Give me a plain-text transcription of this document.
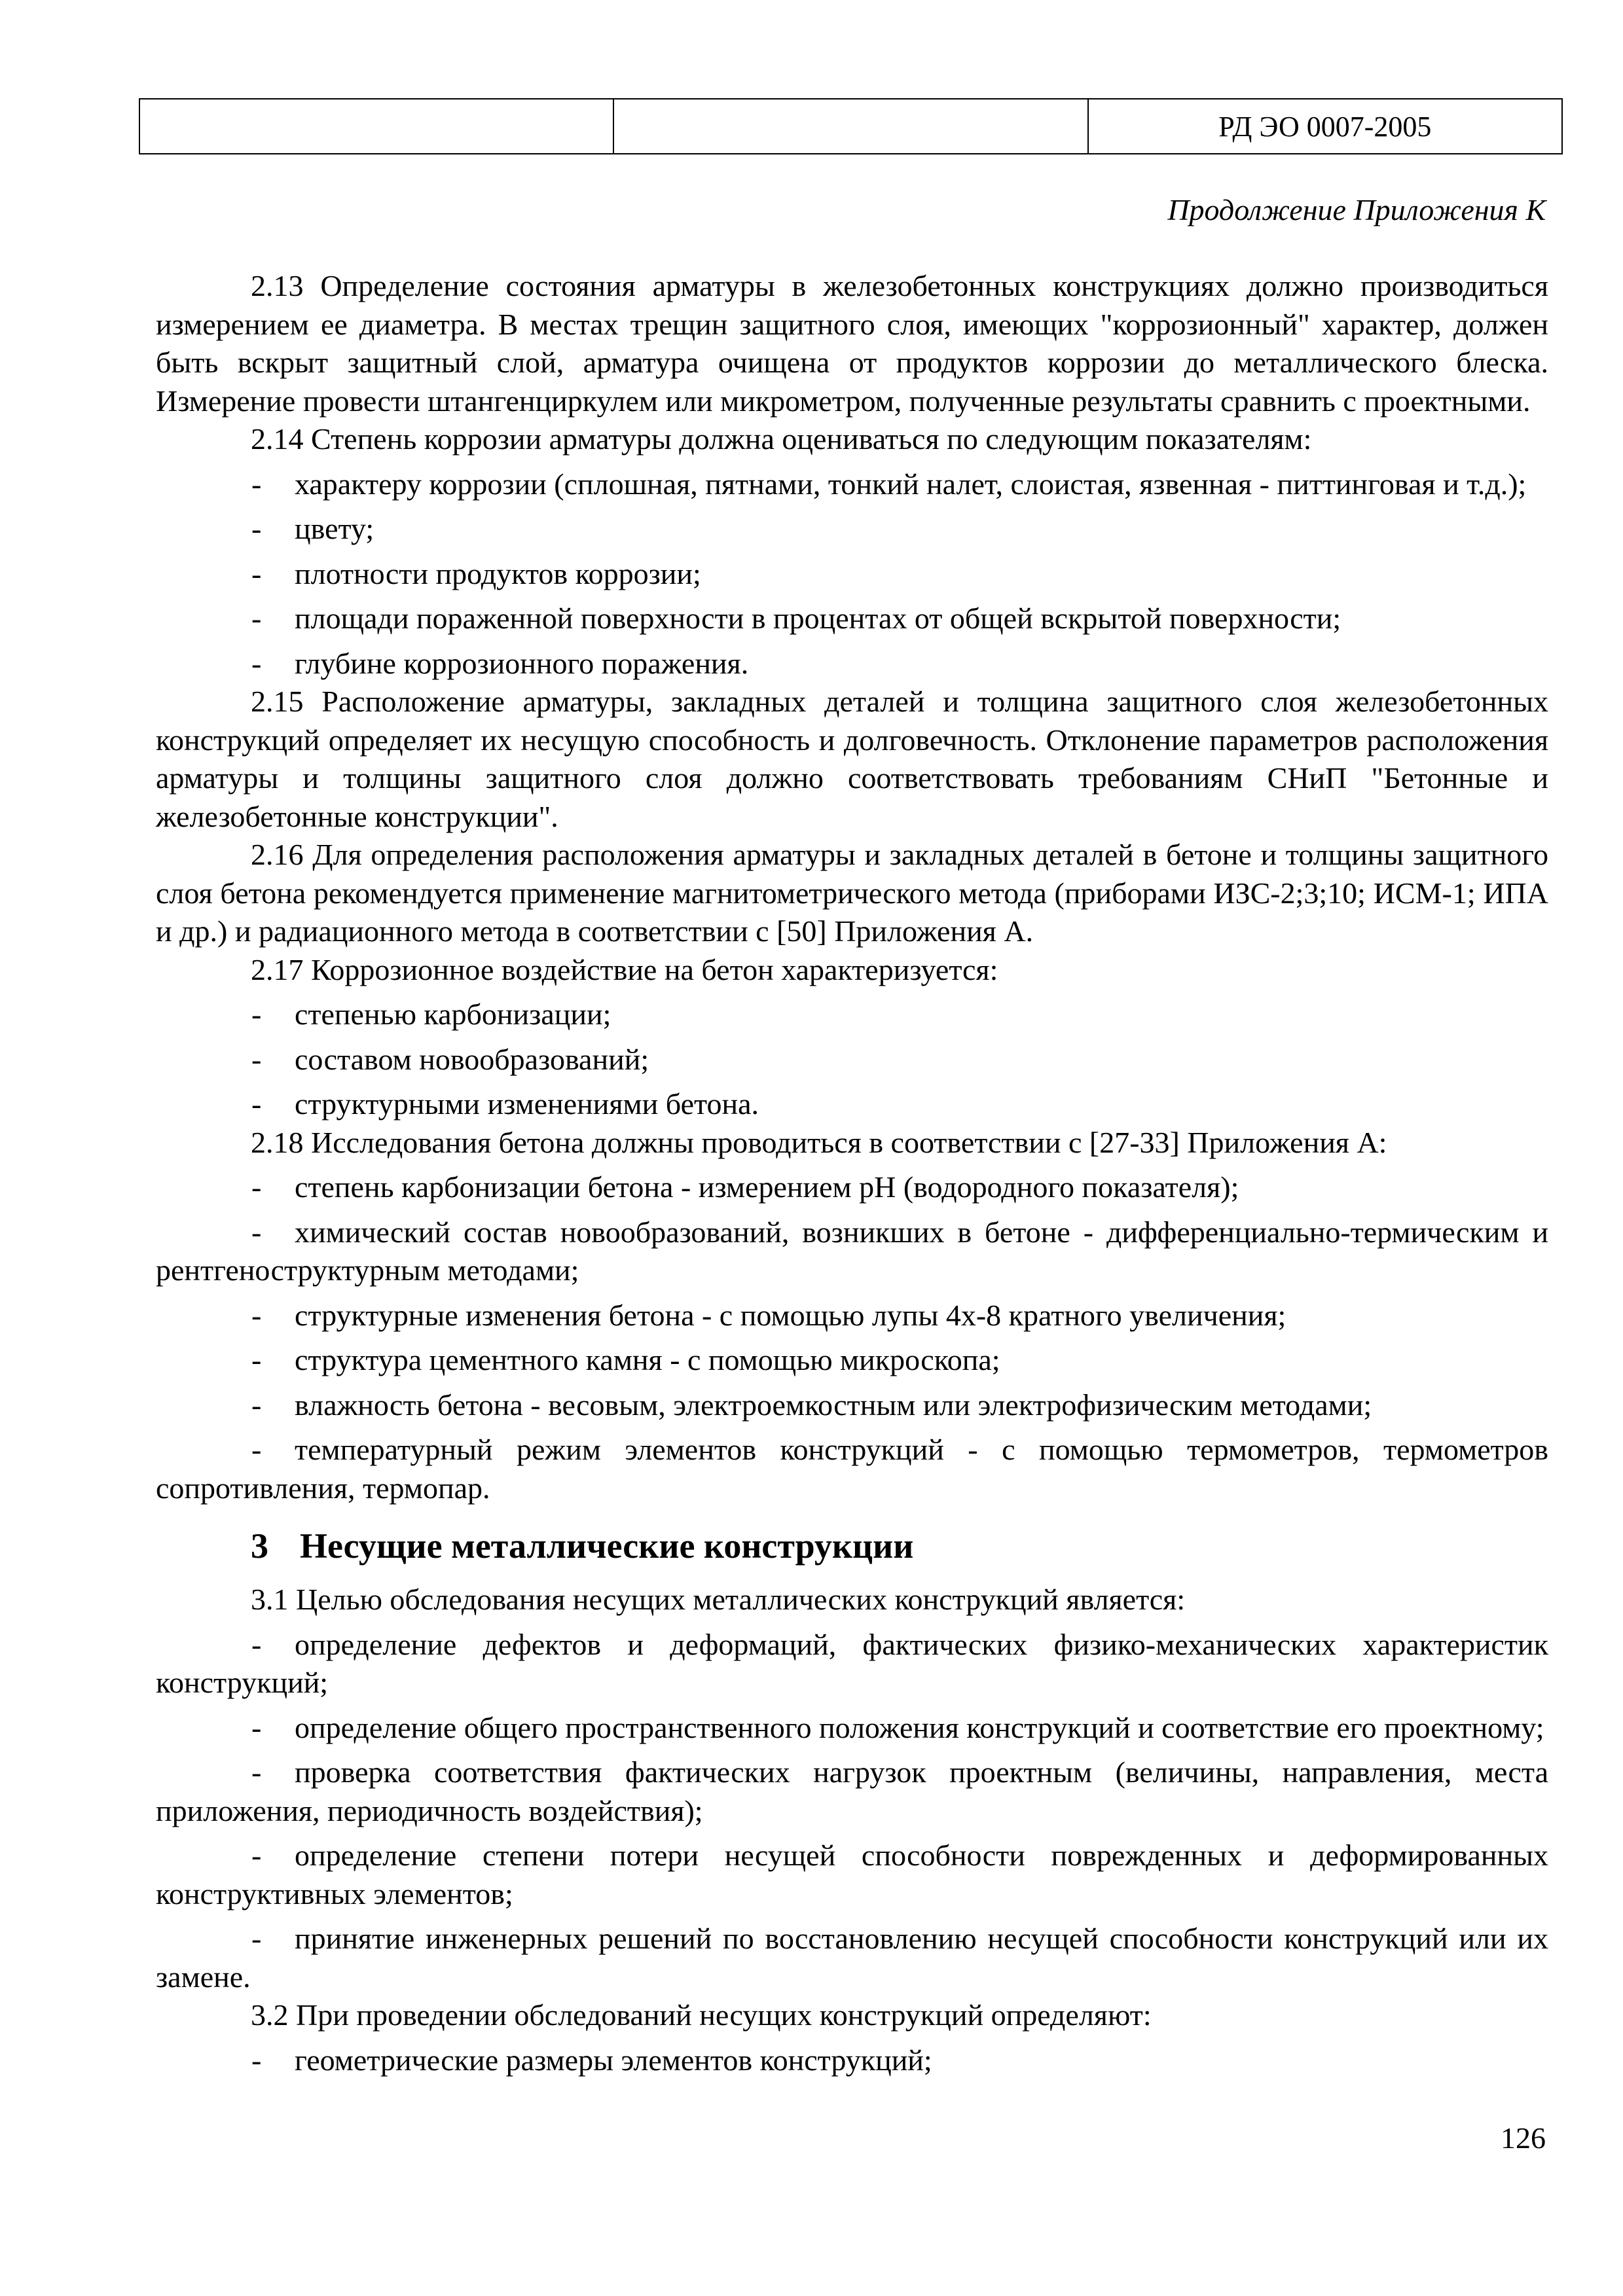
		РД ЭО 0007-2005
Продолжение Приложения К

2.13 Определение состояния арматуры в железобетонных конструкциях должно производиться измерением ее диаметра. В местах трещин защитного слоя, имеющих "коррозионный" характер, должен быть вскрыт защитный слой, арматура очищена от продуктов коррозии до металлического блеска. Измерение провести штангенциркулем или микрометром, полученные результаты сравнить с проектными.

2.14 Степень коррозии арматуры должна оцениваться по следующим показателям:

- характеру коррозии (сплошная, пятнами, тонкий налет, слоистая, язвенная - питтинговая и т.д.);

- цвету;

- плотности продуктов коррозии;

- площади пораженной поверхности в процентах от общей вскрытой поверхности;

- глубине коррозионного поражения.

2.15 Расположение арматуры, закладных деталей и толщина защитного слоя железобетонных конструкций определяет их несущую способность и долговечность. Отклонение параметров расположения арматуры и толщины защитного слоя должно соответствовать требованиям СНиП "Бетонные и железобетонные конструкции".

2.16 Для определения расположения арматуры и закладных деталей в бетоне и толщины защитного слоя бетона рекомендуется применение магнитометрического метода (приборами ИЗС-2;3;10; ИСМ-1; ИПА и др.) и радиационного метода в соответствии с [50] Приложения А.

2.17 Коррозионное воздействие на бетон характеризуется:

- степенью карбонизации;

- составом новообразований;

- структурными изменениями бетона.

2.18 Исследования бетона должны проводиться в соответствии с [27-33] Приложения А:

- степень карбонизации бетона - измерением рН (водородного показателя);

- химический состав новообразований, возникших в бетоне - дифференциально-термическим и рентгеноструктурным методами;

- структурные изменения бетона - с помощью лупы 4х-8 кратного увеличения;

- структура цементного камня - с помощью микроскопа;

- влажность бетона - весовым, электроемкостным или электрофизическим методами;

- температурный режим элементов конструкций - с помощью термометров, термометров сопротивления, термопар.

3 Несущие металлические конструкции

3.1 Целью обследования несущих металлических конструкций является:

- определение дефектов и деформаций, фактических физико-механических характеристик конструкций;

- определение общего пространственного положения конструкций и соответствие его проектному;

- проверка соответствия фактических нагрузок проектным (величины, направления, места приложения, периодичность воздействия);

- определение степени потери несущей способности поврежденных и деформированных конструктивных элементов;

- принятие инженерных решений по восстановлению несущей способности конструкций или их замене.

3.2 При проведении обследований несущих конструкций определяют:

- геометрические размеры элементов конструкций;

126
